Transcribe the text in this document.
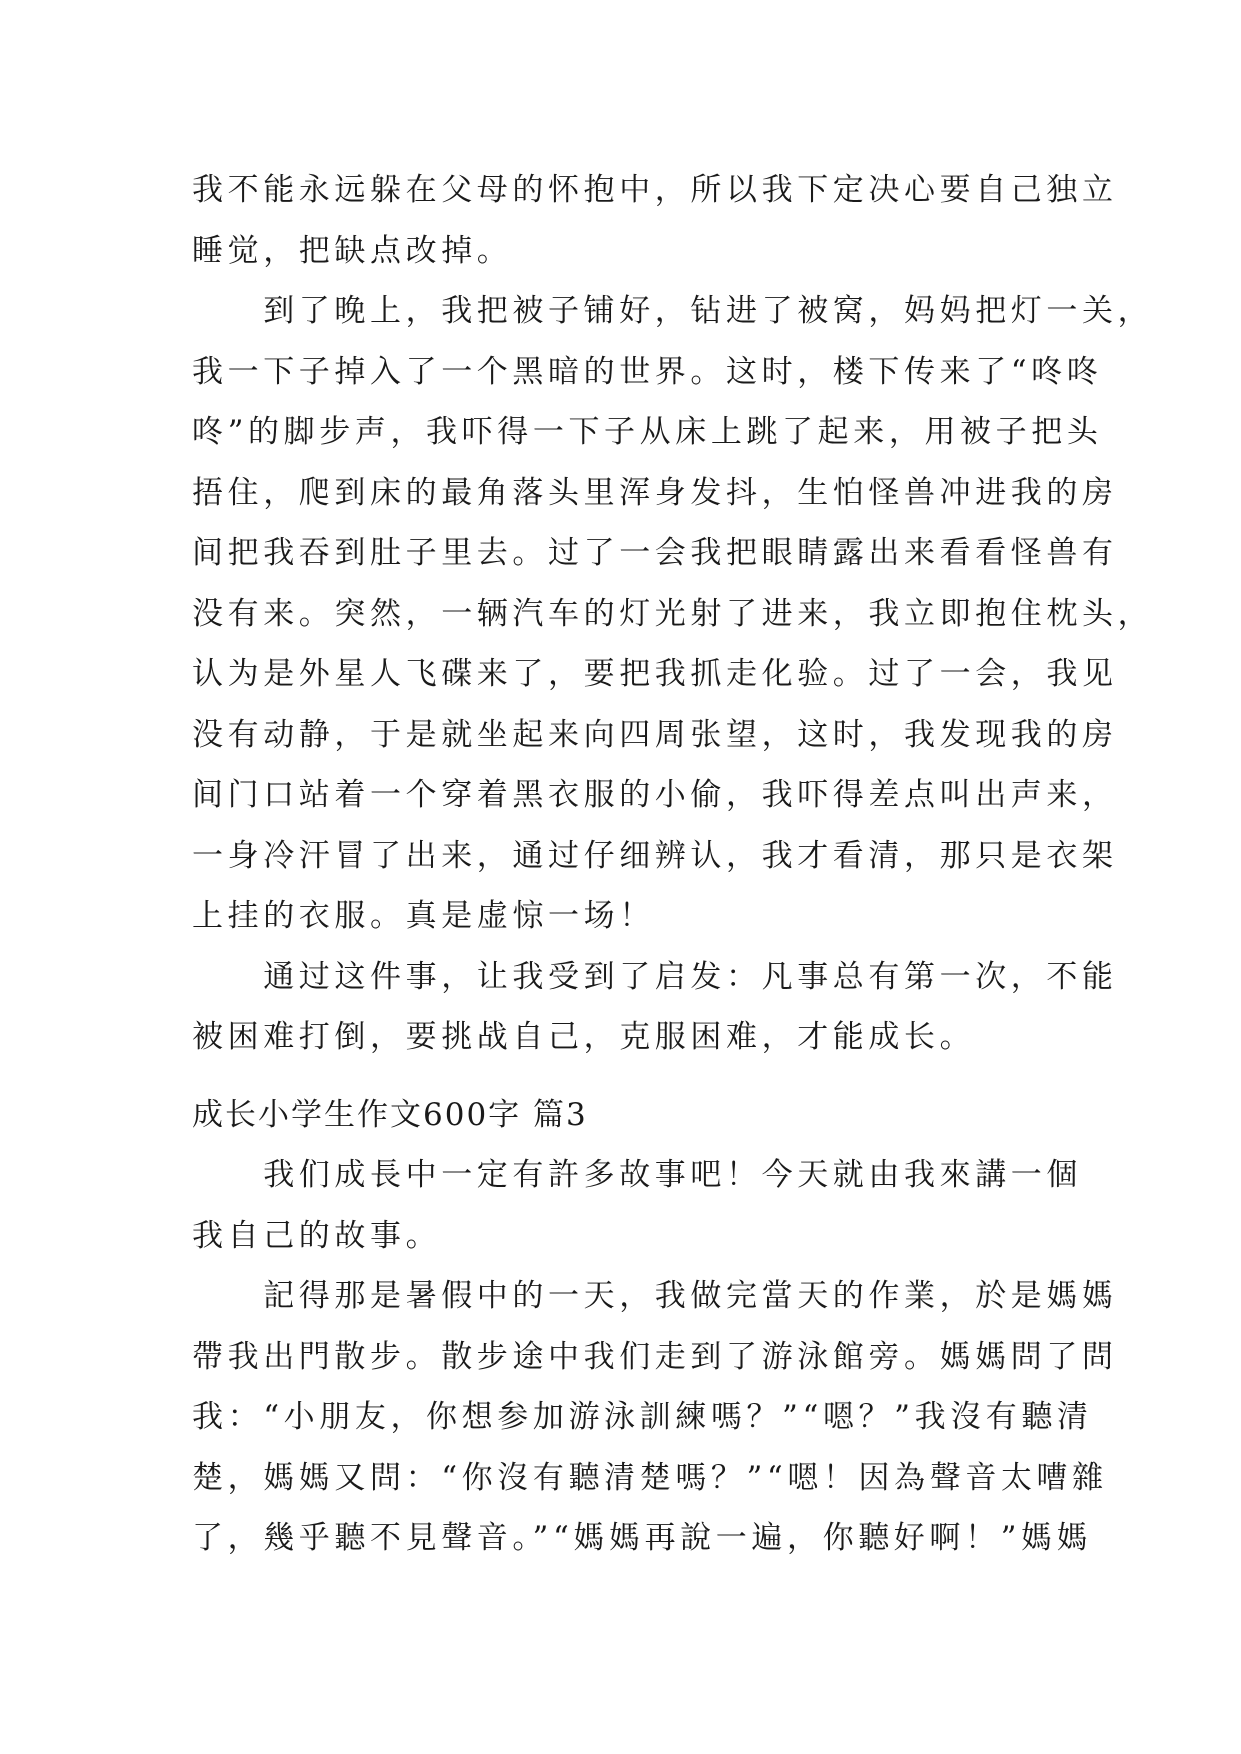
我不能永远躲在父母的怀抱中，所以我下定决心要自己独立
睡觉，把缺点改掉。
　　到了晚上，我把被子铺好，钻进了被窝，妈妈把灯一关，
我一下子掉入了一个黑暗的世界。这时，楼下传来了“咚咚
咚”的脚步声，我吓得一下子从床上跳了起来，用被子把头
捂住，爬到床的最角落头里浑身发抖，生怕怪兽冲进我的房
间把我吞到肚子里去。过了一会我把眼睛露出来看看怪兽有
没有来。突然，一辆汽车的灯光射了进来，我立即抱住枕头，
认为是外星人飞碟来了，要把我抓走化验。过了一会，我见
没有动静，于是就坐起来向四周张望，这时，我发现我的房
间门口站着一个穿着黑衣服的小偷，我吓得差点叫出声来，
一身冷汗冒了出来，通过仔细辨认，我才看清，那只是衣架
上挂的衣服。真是虚惊一场！
　　通过这件事，让我受到了启发：凡事总有第一次，不能
被困难打倒，要挑战自己，克服困难，才能成长。
成长小学生作文600字 篇3
　　我们成長中一定有許多故事吧！今天就由我來講一個
我自己的故事。
　　記得那是暑假中的一天，我做完當天的作業，於是媽媽
帶我出門散步。散步途中我们走到了游泳館旁。媽媽問了問
我：“小朋友，你想参加游泳訓練嗎？”“嗯？”我沒有聽清
楚，媽媽又問：“你沒有聽清楚嗎？”“嗯！因為聲音太嘈雜
了，幾乎聽不見聲音。”“媽媽再說一遍，你聽好啊！”媽媽
